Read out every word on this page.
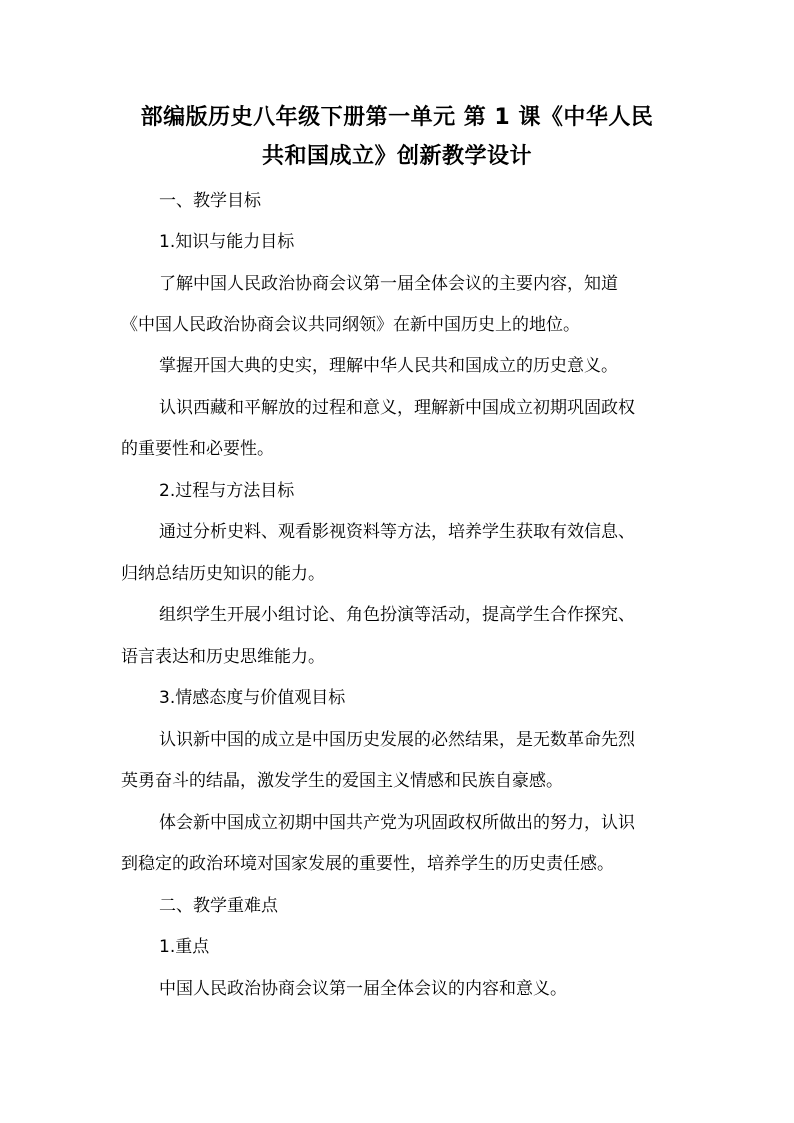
部编版历史八年级下册第一单元 第 1 课《中华人民
共和国成立》创新教学设计

一、教学目标

1.知识与能力目标

了解中国人民政治协商会议第一届全体会议的主要内容，知道

《中国人民政治协商会议共同纲领》在新中国历史上的地位。

掌握开国大典的史实，理解中华人民共和国成立的历史意义。

认识西藏和平解放的过程和意义，理解新中国成立初期巩固政权

的重要性和必要性。

2.过程与方法目标

通过分析史料、观看影视资料等方法，培养学生获取有效信息、

归纳总结历史知识的能力。

组织学生开展小组讨论、角色扮演等活动，提高学生合作探究、

语言表达和历史思维能力。

3.情感态度与价值观目标

认识新中国的成立是中国历史发展的必然结果，是无数革命先烈

英勇奋斗的结晶，激发学生的爱国主义情感和民族自豪感。

体会新中国成立初期中国共产党为巩固政权所做出的努力，认识

到稳定的政治环境对国家发展的重要性，培养学生的历史责任感。

二、教学重难点

1.重点

中国人民政治协商会议第一届全体会议的内容和意义。
